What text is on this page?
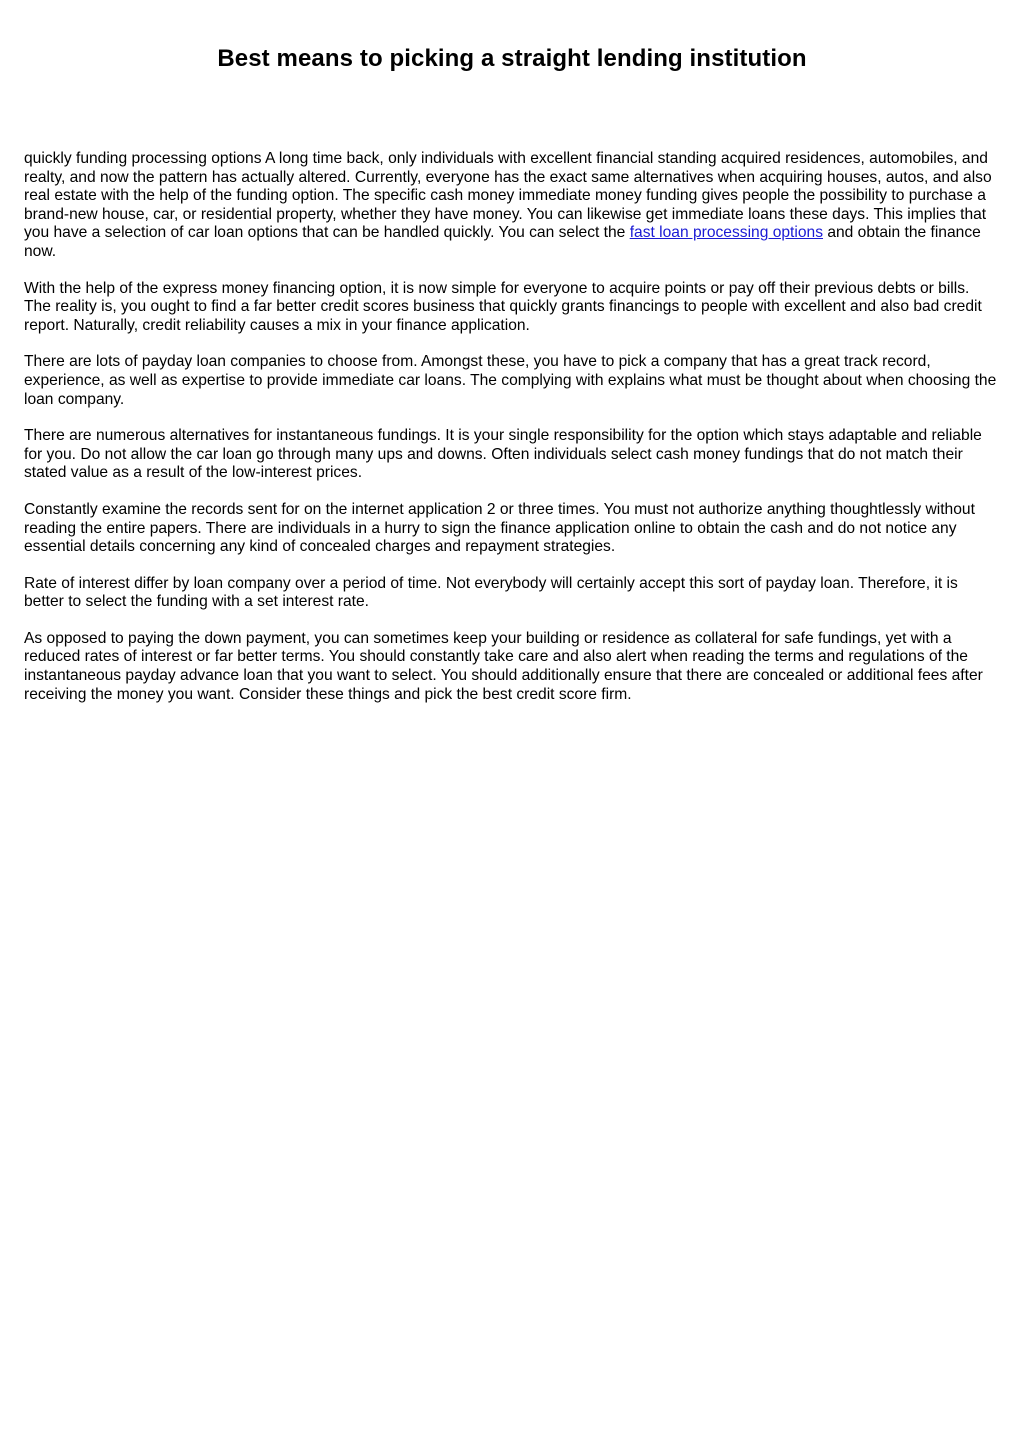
Best means to picking a straight lending institution

quickly funding processing options A long time back, only individuals with excellent financial standing acquired residences, automobiles, and realty, and now the pattern has actually altered. Currently, everyone has the exact same alternatives when acquiring houses, autos, and also real estate with the help of the funding option. The specific cash money immediate money funding gives people the possibility to purchase a brand-new house, car, or residential property, whether they have money. You can likewise get immediate loans these days. This implies that you have a selection of car loan options that can be handled quickly. You can select the fast loan processing options and obtain the finance now.

With the help of the express money financing option, it is now simple for everyone to acquire points or pay off their previous debts or bills. The reality is, you ought to find a far better credit scores business that quickly grants financings to people with excellent and also bad credit report. Naturally, credit reliability causes a mix in your finance application.

There are lots of payday loan companies to choose from. Amongst these, you have to pick a company that has a great track record, experience, as well as expertise to provide immediate car loans. The complying with explains what must be thought about when choosing the loan company.

There are numerous alternatives for instantaneous fundings. It is your single responsibility for the option which stays adaptable and reliable for you. Do not allow the car loan go through many ups and downs. Often individuals select cash money fundings that do not match their stated value as a result of the low-interest prices.

Constantly examine the records sent for on the internet application 2 or three times. You must not authorize anything thoughtlessly without reading the entire papers. There are individuals in a hurry to sign the finance application online to obtain the cash and do not notice any essential details concerning any kind of concealed charges and repayment strategies.

Rate of interest differ by loan company over a period of time. Not everybody will certainly accept this sort of payday loan. Therefore, it is better to select the funding with a set interest rate.

As opposed to paying the down payment, you can sometimes keep your building or residence as collateral for safe fundings, yet with a reduced rates of interest or far better terms. You should constantly take care and also alert when reading the terms and regulations of the instantaneous payday advance loan that you want to select. You should additionally ensure that there are concealed or additional fees after receiving the money you want. Consider these things and pick the best credit score firm.
